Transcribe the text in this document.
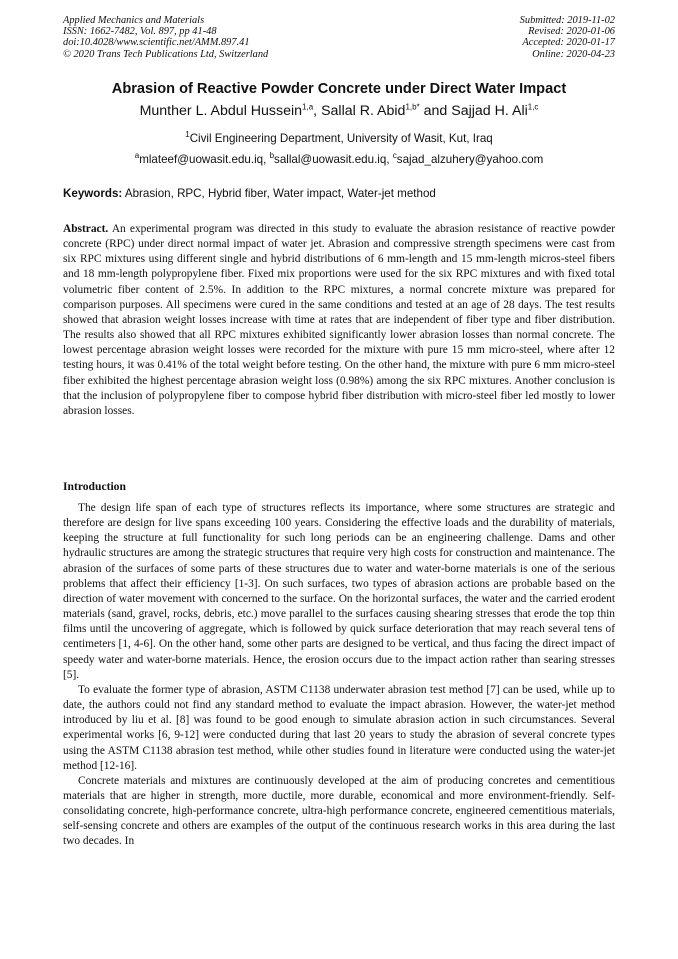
Applied Mechanics and Materials
ISSN: 1662-7482, Vol. 897, pp 41-48
doi:10.4028/www.scientific.net/AMM.897.41
© 2020 Trans Tech Publications Ltd, Switzerland
Submitted: 2019-11-02
Revised: 2020-01-06
Accepted: 2020-01-17
Online: 2020-04-23
Abrasion of Reactive Powder Concrete under Direct Water Impact
Munther L. Abdul Hussein$^{1,a}$, Sallal R. Abid$^{1,b*}$ and Sajjad H. Ali$^{1,c}$
$^1$Civil Engineering Department, University of Wasit, Kut, Iraq
$^a$mlateef@uowasit.edu.iq, $^b$sallal@uowasit.edu.iq, $^c$sajad_alzuhery@yahoo.com
Keywords: Abrasion, RPC, Hybrid fiber, Water impact, Water-jet method
Abstract. An experimental program was directed in this study to evaluate the abrasion resistance of reactive powder concrete (RPC) under direct normal impact of water jet. Abrasion and compressive strength specimens were cast from six RPC mixtures using different single and hybrid distributions of 6 mm-length and 15 mm-length micros-steel fibers and 18 mm-length polypropylene fiber. Fixed mix proportions were used for the six RPC mixtures and with fixed total volumetric fiber content of 2.5%. In addition to the RPC mixtures, a normal concrete mixture was prepared for comparison purposes. All specimens were cured in the same conditions and tested at an age of 28 days. The test results showed that abrasion weight losses increase with time at rates that are independent of fiber type and fiber distribution. The results also showed that all RPC mixtures exhibited significantly lower abrasion losses than normal concrete. The lowest percentage abrasion weight losses were recorded for the mixture with pure 15 mm micro-steel, where after 12 testing hours, it was 0.41% of the total weight before testing. On the other hand, the mixture with pure 6 mm micro-steel fiber exhibited the highest percentage abrasion weight loss (0.98%) among the six RPC mixtures. Another conclusion is that the inclusion of polypropylene fiber to compose hybrid fiber distribution with micro-steel fiber led mostly to lower abrasion losses.
Introduction

The design life span of each type of structures reflects its importance, where some structures are strategic and therefore are design for live spans exceeding 100 years. Considering the effective loads and the durability of materials, keeping the structure at full functionality for such long periods can be an engineering challenge. Dams and other hydraulic structures are among the strategic structures that require very high costs for construction and maintenance. The abrasion of the surfaces of some parts of these structures due to water and water-borne materials is one of the serious problems that affect their efficiency [1-3]. On such surfaces, two types of abrasion actions are probable based on the direction of water movement with concerned to the surface. On the horizontal surfaces, the water and the carried erodent materials (sand, gravel, rocks, debris, etc.) move parallel to the surfaces causing shearing stresses that erode the top thin films until the uncovering of aggregate, which is followed by quick surface deterioration that may reach several tens of centimeters [1, 4-6]. On the other hand, some other parts are designed to be vertical, and thus facing the direct impact of speedy water and water-borne materials. Hence, the erosion occurs due to the impact action rather than searing stresses [5].

To evaluate the former type of abrasion, ASTM C1138 underwater abrasion test method [7] can be used, while up to date, the authors could not find any standard method to evaluate the impact abrasion. However, the water-jet method introduced by liu et al. [8] was found to be good enough to simulate abrasion action in such circumstances. Several experimental works [6, 9-12] were conducted during that last 20 years to study the abrasion of several concrete types using the ASTM C1138 abrasion test method, while other studies found in literature were conducted using the water-jet method [12-16].

Concrete materials and mixtures are continuously developed at the aim of producing concretes and cementitious materials that are higher in strength, more ductile, more durable, economical and more environment-friendly. Self-consolidating concrete, high-performance concrete, ultra-high performance concrete, engineered cementitious materials, self-sensing concrete and others are examples of the output of the continuous research works in this area during the last two decades. In
